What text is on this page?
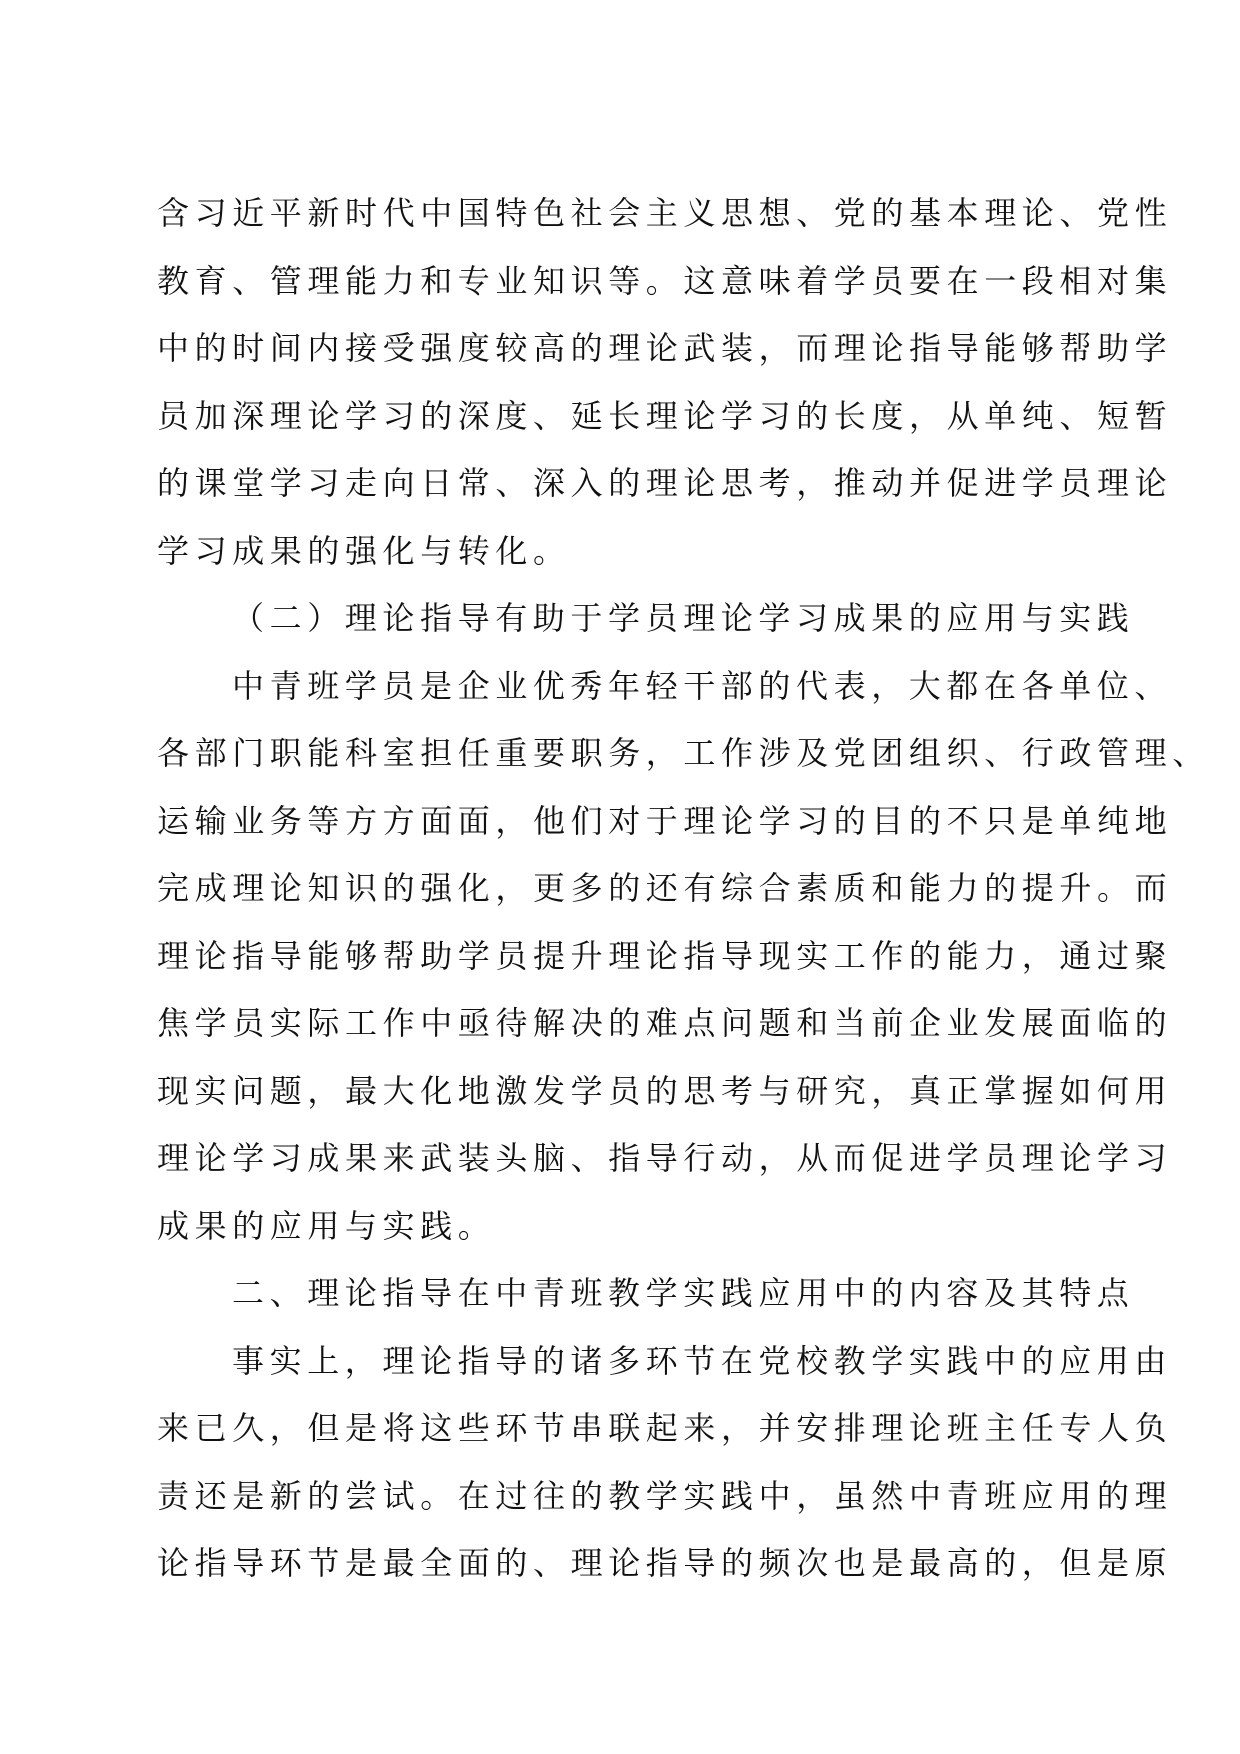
含习近平新时代中国特色社会主义思想、党的基本理论、党性
教育、管理能力和专业知识等。这意味着学员要在一段相对集
中的时间内接受强度较高的理论武装，而理论指导能够帮助学
员加深理论学习的深度、延长理论学习的长度，从单纯、短暂
的课堂学习走向日常、深入的理论思考，推动并促进学员理论
学习成果的强化与转化。
（二）理论指导有助于学员理论学习成果的应用与实践
中青班学员是企业优秀年轻干部的代表，大都在各单位、
各部门职能科室担任重要职务，工作涉及党团组织、行政管理、
运输业务等方方面面，他们对于理论学习的目的不只是单纯地
完成理论知识的强化，更多的还有综合素质和能力的提升。而
理论指导能够帮助学员提升理论指导现实工作的能力，通过聚
焦学员实际工作中亟待解决的难点问题和当前企业发展面临的
现实问题，最大化地激发学员的思考与研究，真正掌握如何用
理论学习成果来武装头脑、指导行动，从而促进学员理论学习
成果的应用与实践。
二、理论指导在中青班教学实践应用中的内容及其特点
事实上，理论指导的诸多环节在党校教学实践中的应用由
来已久，但是将这些环节串联起来，并安排理论班主任专人负
责还是新的尝试。在过往的教学实践中，虽然中青班应用的理
论指导环节是最全面的、理论指导的频次也是最高的，但是原
